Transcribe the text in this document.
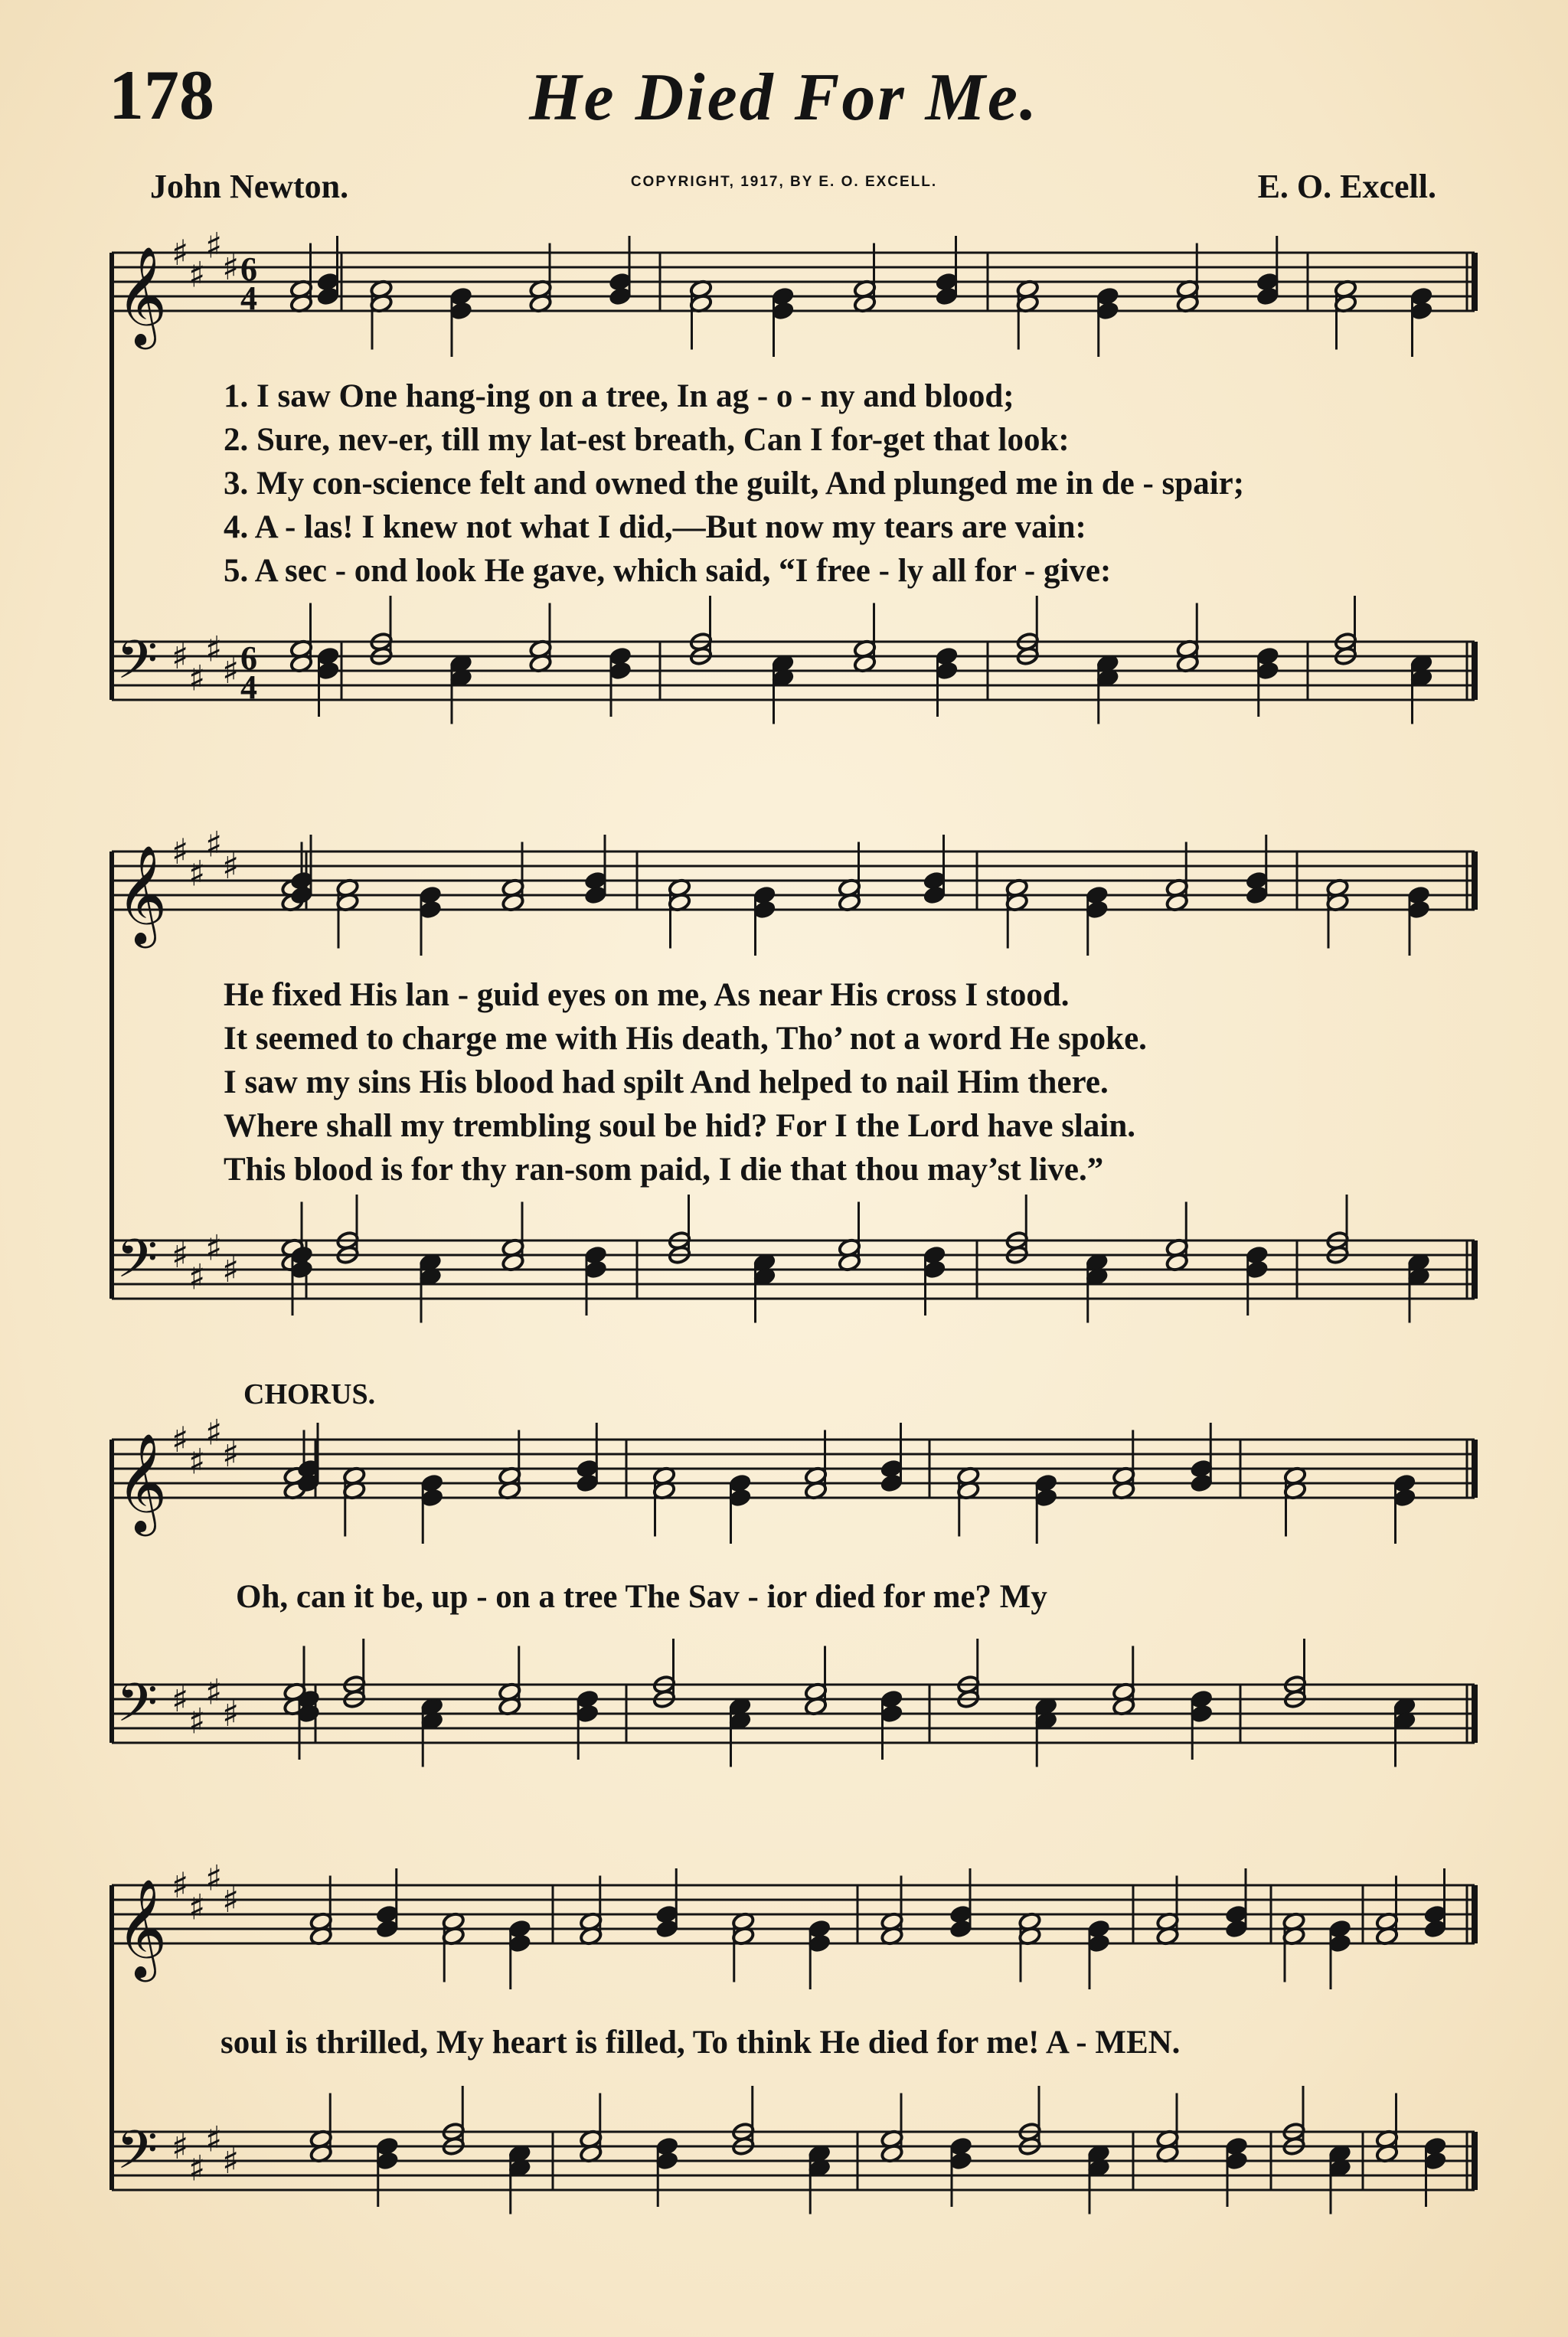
178	He Died For Me.
John Newton.	COPYRIGHT, 1917, BY E. O. EXCELL.	E. O. Excell.
𝄞 ♯
♯
♯
♯ 6
4
𝄢 ♯
♯
♯
♯ 6
4
𝄞 ♯
♯
♯
♯
𝄢 ♯
♯
♯
♯
𝄞 ♯
♯
♯
♯
𝄢 ♯
♯
♯
♯
𝄞 ♯
♯
♯
♯
𝄢 ♯
♯
♯
♯
1. I saw One hang-ing on a tree, In ag - o - ny and blood;
2. Sure, nev-er, till my lat-est breath, Can I for-get that look:
3. My con-science felt and owned the guilt, And plunged me in de - spair;
4. A - las! I knew not what I did,—But now my tears are vain:
5. A sec - ond look He gave, which said, “I free - ly all for - give:
He fixed His lan - guid eyes on me, As near His cross I stood.
It seemed to charge me with His death, Tho’ not a word He spoke.
I saw my sins His blood had spilt And helped to nail Him there.
Where shall my trembling soul be hid? For I the Lord have slain.
This blood is for thy ran-som paid, I die that thou may’st live.”
CHORUS.
Oh, can it be, up - on a tree The Sav - ior died for me? My
soul is thrilled, My heart is filled, To think He died for me! A - MEN.
